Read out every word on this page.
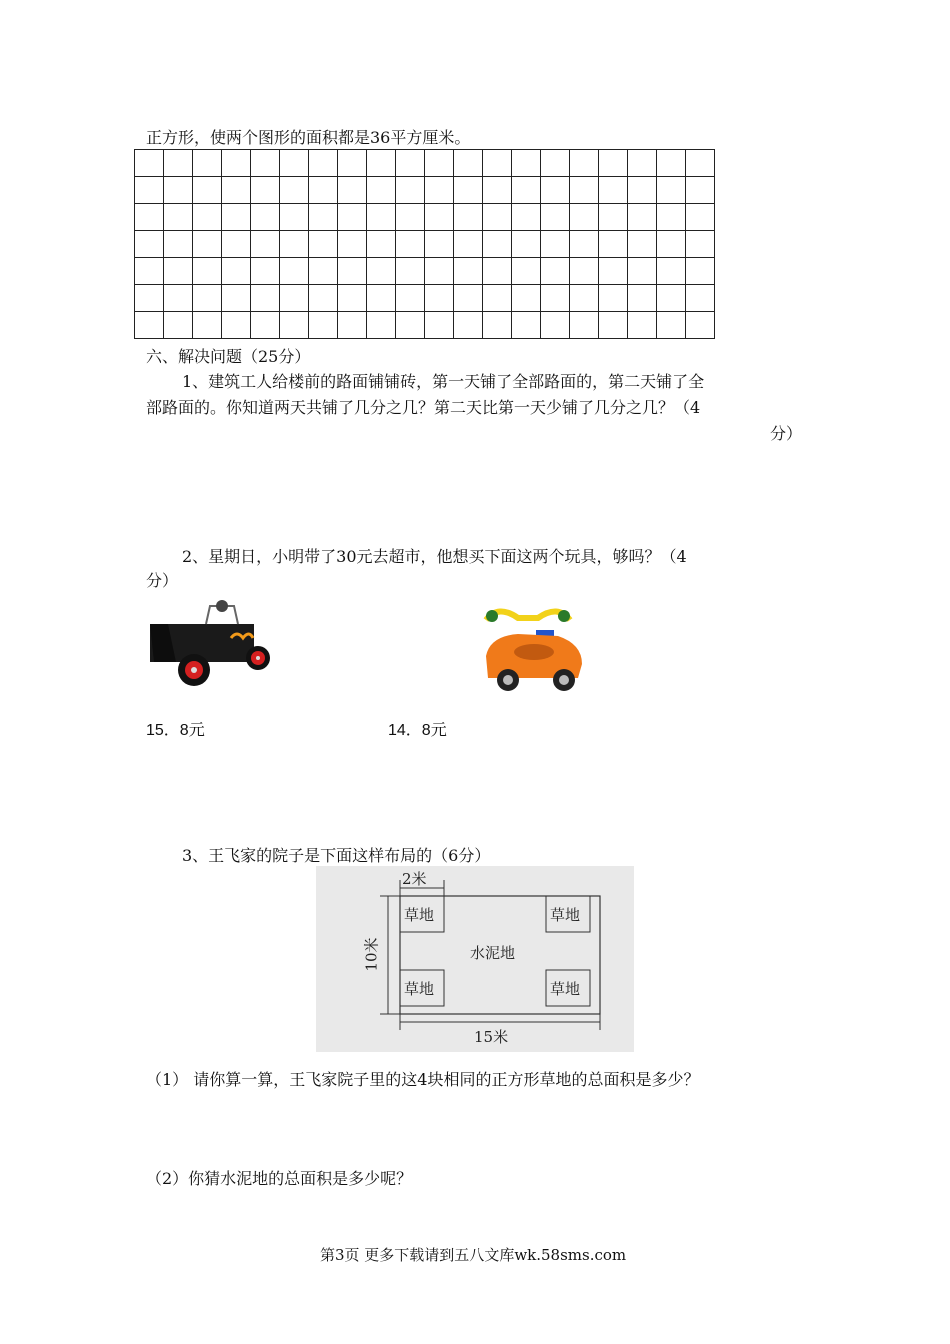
正方形，使两个图形的面积都是36平方厘米。

六、解决问题（25分）
1、建筑工人给楼前的路面铺铺砖，第一天铺了全部路面的，第二天铺了全
部路面的。你知道两天共铺了几分之几？第二天比第一天少铺了几分之几？（4
分）
2、星期日，小明带了30元去超市，他想买下面这两个玩具，够吗？（4
分）
15．8元	14．8元
3、王飞家的院子是下面这样布局的（6分）
2米
10米
15米
草地	草地
草地	草地
水泥地
（1） 请你算一算，王飞家院子里的这4块相同的正方形草地的总面积是多少？
（2）你猜水泥地的总面积是多少呢？
第3页 更多下载请到五八文库wk.58sms.com
